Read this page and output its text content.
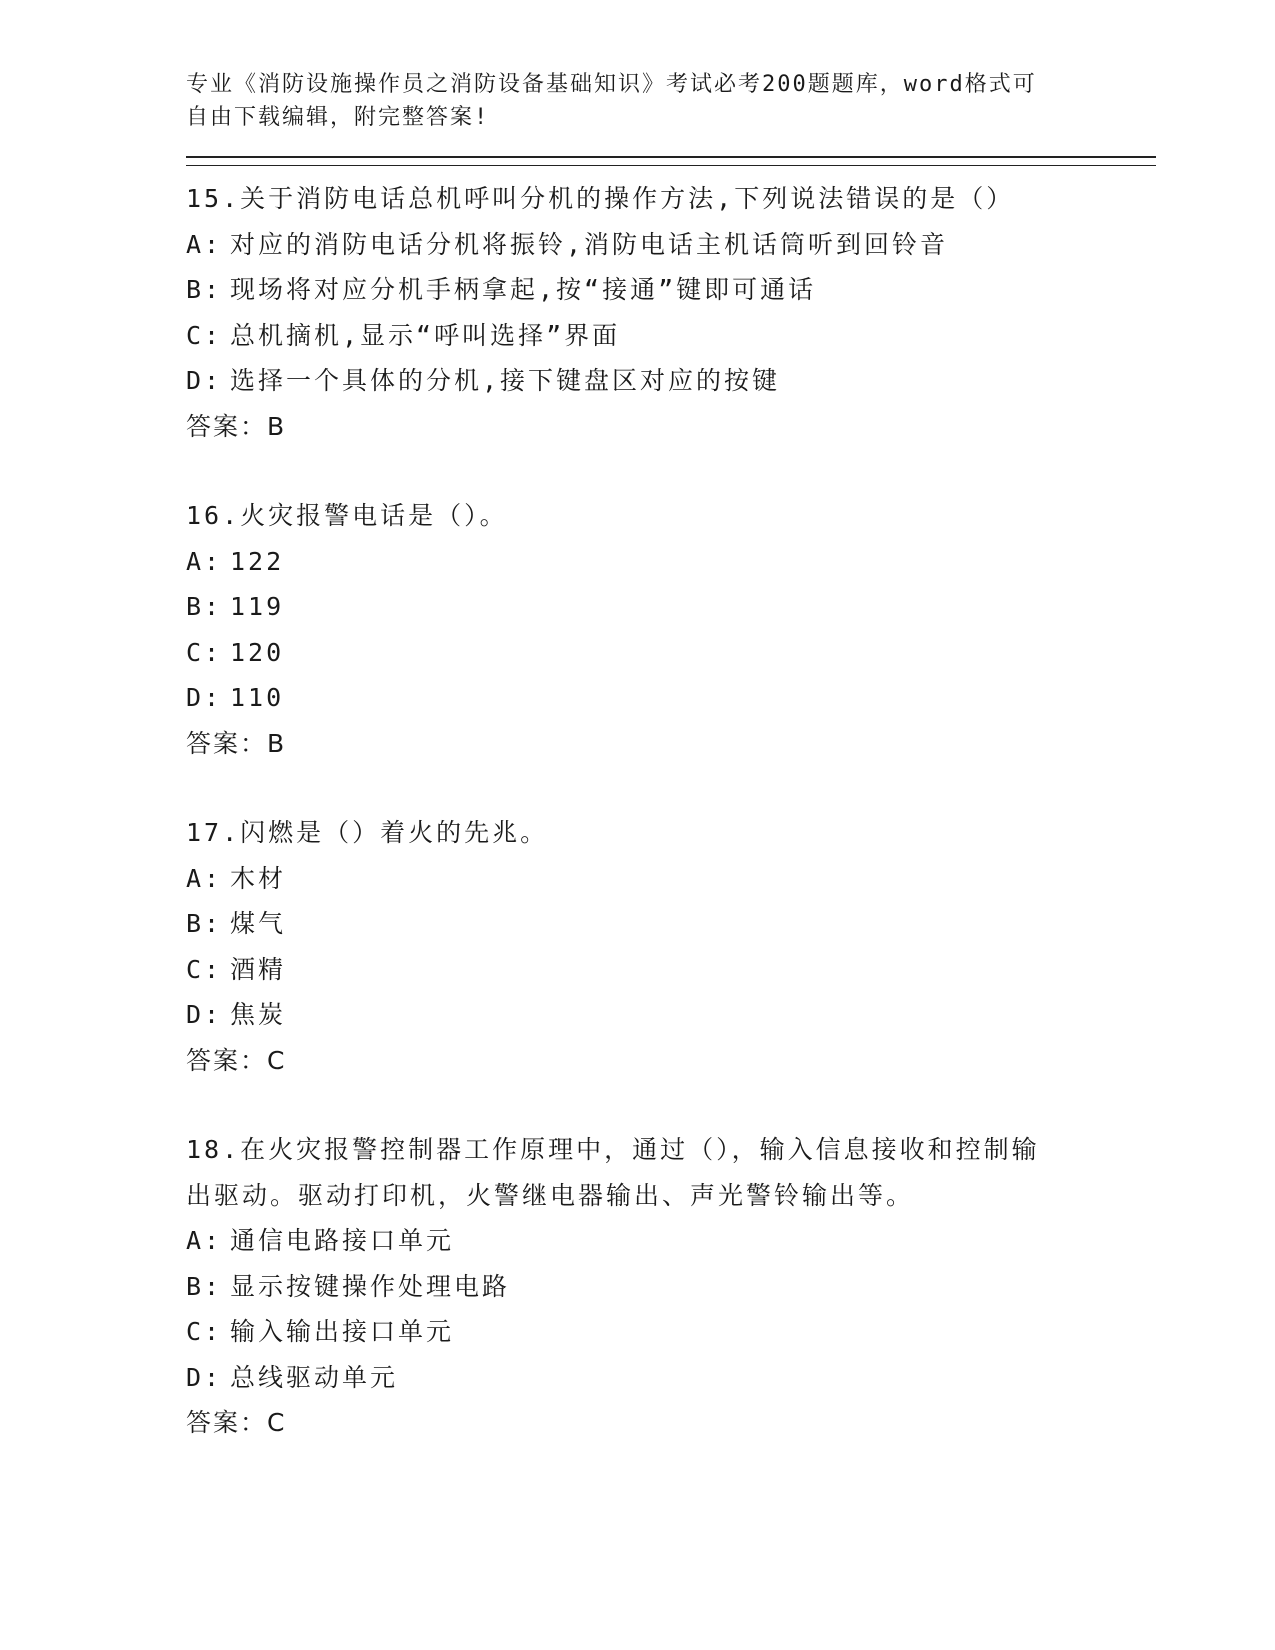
专业《消防设施操作员之消防设备基础知识》考试必考200题题库，word格式可
自由下载编辑，附完整答案!
15.关于消防电话总机呼叫分机的操作方法,下列说法错误的是（）
A: 对应的消防电话分机将振铃,消防电话主机话筒听到回铃音
B: 现场将对应分机手柄拿起,按“接通”键即可通话
C: 总机摘机,显示“呼叫选择”界面
D: 选择一个具体的分机,接下键盘区对应的按键
答案：B
16.火灾报警电话是（）。
A: 122
B: 119
C: 120
D: 110
答案：B
17.闪燃是（）着火的先兆。
A: 木材
B: 煤气
C: 酒精
D: 焦炭
答案：C
18.在火灾报警控制器工作原理中，通过（），输入信息接收和控制输
出驱动。驱动打印机，火警继电器输出、声光警铃输出等。
A: 通信电路接口单元
B: 显示按键操作处理电路
C: 输入输出接口单元
D: 总线驱动单元
答案：C
